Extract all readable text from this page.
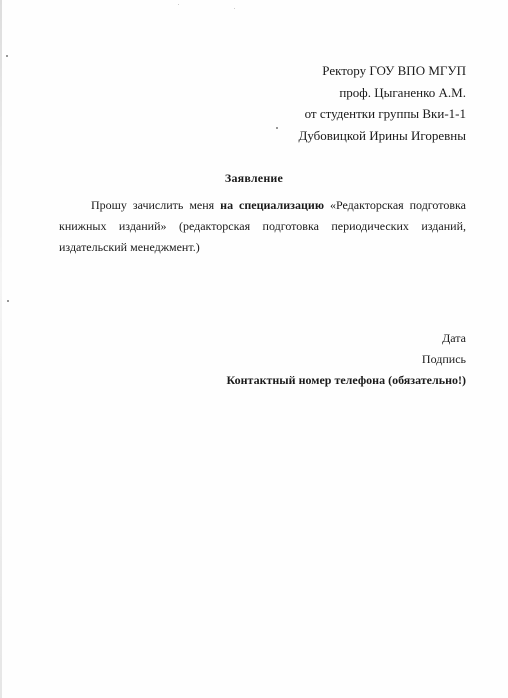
Ректору ГОУ ВПО МГУП
проф. Цыганенко А.М.
от студентки группы Вки-1-1
Дубовицкой Ирины Игоревны
Заявление
Прошу зачислить меня на специализацию «Редакторская подготовка
книжных изданий» (редакторская подготовка периодических изданий,
издательский менеджмент.)
Дата
Подпись
Контактный номер телефона (обязательно!)
